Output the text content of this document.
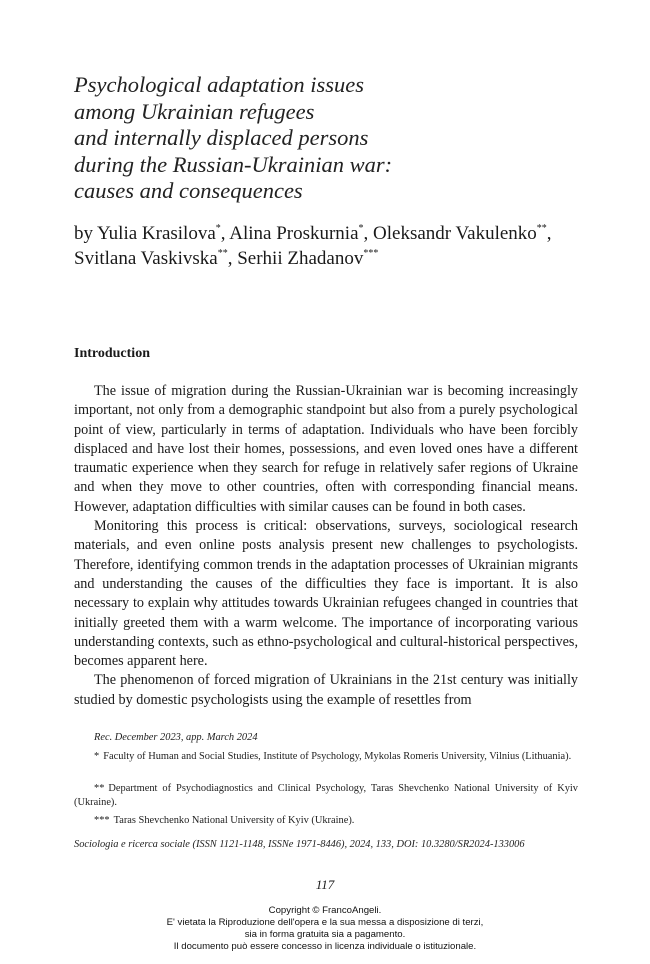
Psychological adaptation issues
among Ukrainian refugees
and internally displaced persons
during the Russian-Ukrainian war:
causes and consequences
by Yulia Krasilova*, Alina Proskurnia*, Oleksandr Vakulenko**,
Svitlana Vaskivska**, Serhii Zhadanov***
Introduction

The issue of migration during the Russian-Ukrainian war is becoming increasingly important, not only from a demographic standpoint but also from a purely psychological point of view, particularly in terms of adaptation. Individuals who have been forcibly displaced and have lost their homes, possessions, and even loved ones have a different traumatic experience when they search for refuge in relatively safer regions of Ukraine and when they move to other countries, often with corresponding financial means. However, adaptation difficulties with similar causes can be found in both cases.

Monitoring this process is critical: observations, surveys, sociological research materials, and even online posts analysis present new challenges to psychologists. Therefore, identifying common trends in the adaptation processes of Ukrainian migrants and understanding the causes of the difficulties they face is important. It is also necessary to explain why attitudes towards Ukrainian refugees changed in countries that initially greeted them with a warm welcome. The importance of incorporating various understanding contexts, such as ethno-psychological and cultural-historical perspectives, becomes apparent here.

The phenomenon of forced migration of Ukrainians in the 21st century was initially studied by domestic psychologists using the example of resettles from

Rec. December 2023, app. March 2024

* Faculty of Human and Social Studies, Institute of Psychology, Mykolas Romeris University, Vilnius (Lithuania).

** Department of Psychodiagnostics and Clinical Psychology, Taras Shevchenko National University of Kyiv (Ukraine).

*** Taras Shevchenko National University of Kyiv (Ukraine).

Sociologia e ricerca sociale (ISSN 1121-1148, ISSNe 1971-8446), 2024, 133, DOI: 10.3280/SR2024-133006

117
Copyright © FrancoAngeli.
E' vietata la Riproduzione dell'opera e la sua messa a disposizione di terzi,
sia in forma gratuita sia a pagamento.
Il documento può essere concesso in licenza individuale o istituzionale.
